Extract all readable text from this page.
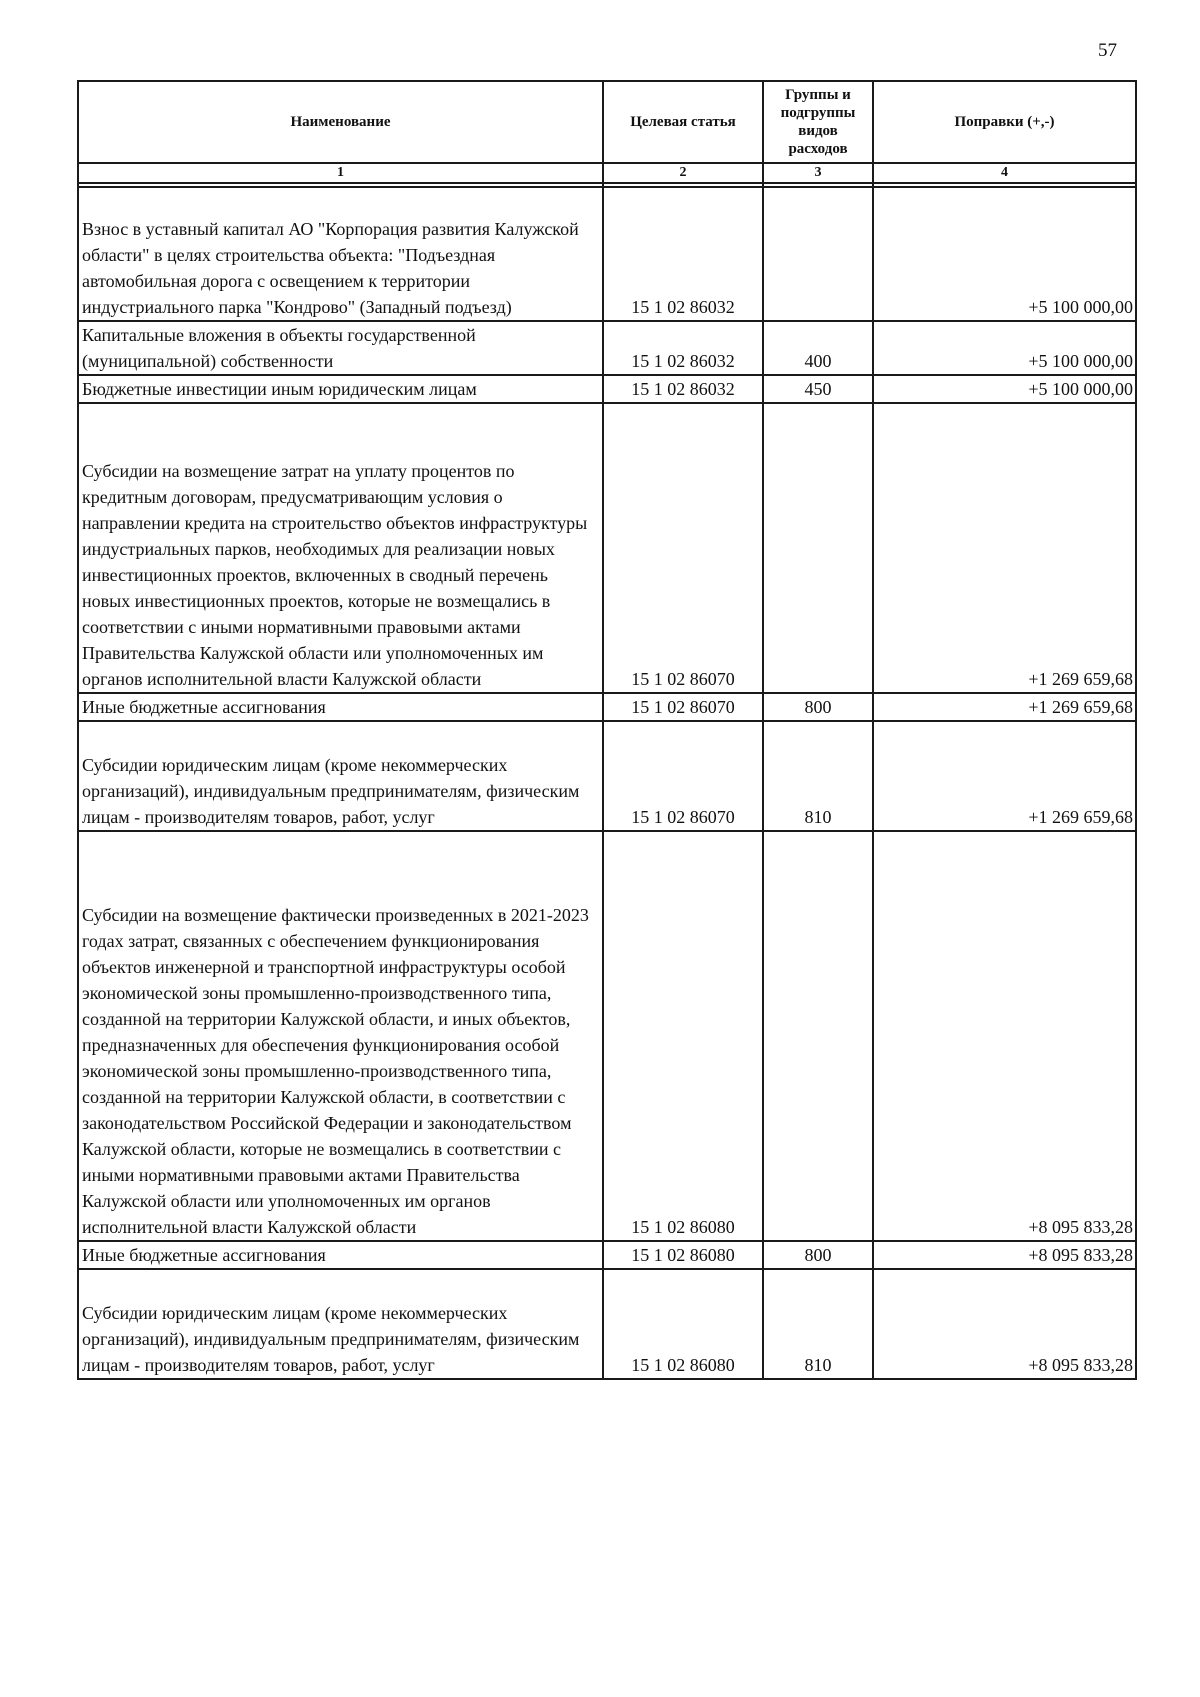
57
Наименование	Целевая статья	Группы и подгруппы видов расходов	Поправки (+,-)
1	2	3	4

Взнос в уставный капитал АО "Корпорация развития Калужской области" в целях строительства объекта: "Подъездная автомобильная дорога с освещением к территории индустриального парка "Кондрово" (Западный подъезд)	15 1 02 86032		+5 100 000,00
Капитальные вложения в объекты государственной (муниципальной) собственности	15 1 02 86032	400	+5 100 000,00
Бюджетные инвестиции иным юридическим лицам	15 1 02 86032	450	+5 100 000,00
Субсидии на возмещение затрат на уплату процентов по кредитным договорам, предусматривающим условия о направлении кредита на строительство объектов инфраструктуры индустриальных парков, необходимых для реализации новых инвестиционных проектов, включенных в сводный перечень новых инвестиционных проектов, которые не возмещались в соответствии с иными нормативными правовыми актами Правительства Калужской области или уполномоченных им органов исполнительной власти Калужской области	15 1 02 86070		+1 269 659,68
Иные бюджетные ассигнования	15 1 02 86070	800	+1 269 659,68
Субсидии юридическим лицам (кроме некоммерческих организаций), индивидуальным предпринимателям, физическим лицам - производителям товаров, работ, услуг	15 1 02 86070	810	+1 269 659,68
Субсидии на возмещение фактически произведенных в 2021-2023 годах затрат, связанных с обеспечением функционирования объектов инженерной и транспортной инфраструктуры особой экономической зоны промышленно-производственного типа, созданной на территории Калужской области, и иных объектов, предназначенных для обеспечения функционирования особой экономической зоны промышленно-производственного типа, созданной на территории Калужской области, в соответствии с законодательством Российской Федерации и законодательством Калужской области, которые не возмещались в соответствии с иными нормативными правовыми актами Правительства Калужской области или уполномоченных им органов исполнительной власти Калужской области	15 1 02 86080		+8 095 833,28
Иные бюджетные ассигнования	15 1 02 86080	800	+8 095 833,28
Субсидии юридическим лицам (кроме некоммерческих организаций), индивидуальным предпринимателям, физическим лицам - производителям товаров, работ, услуг	15 1 02 86080	810	+8 095 833,28
